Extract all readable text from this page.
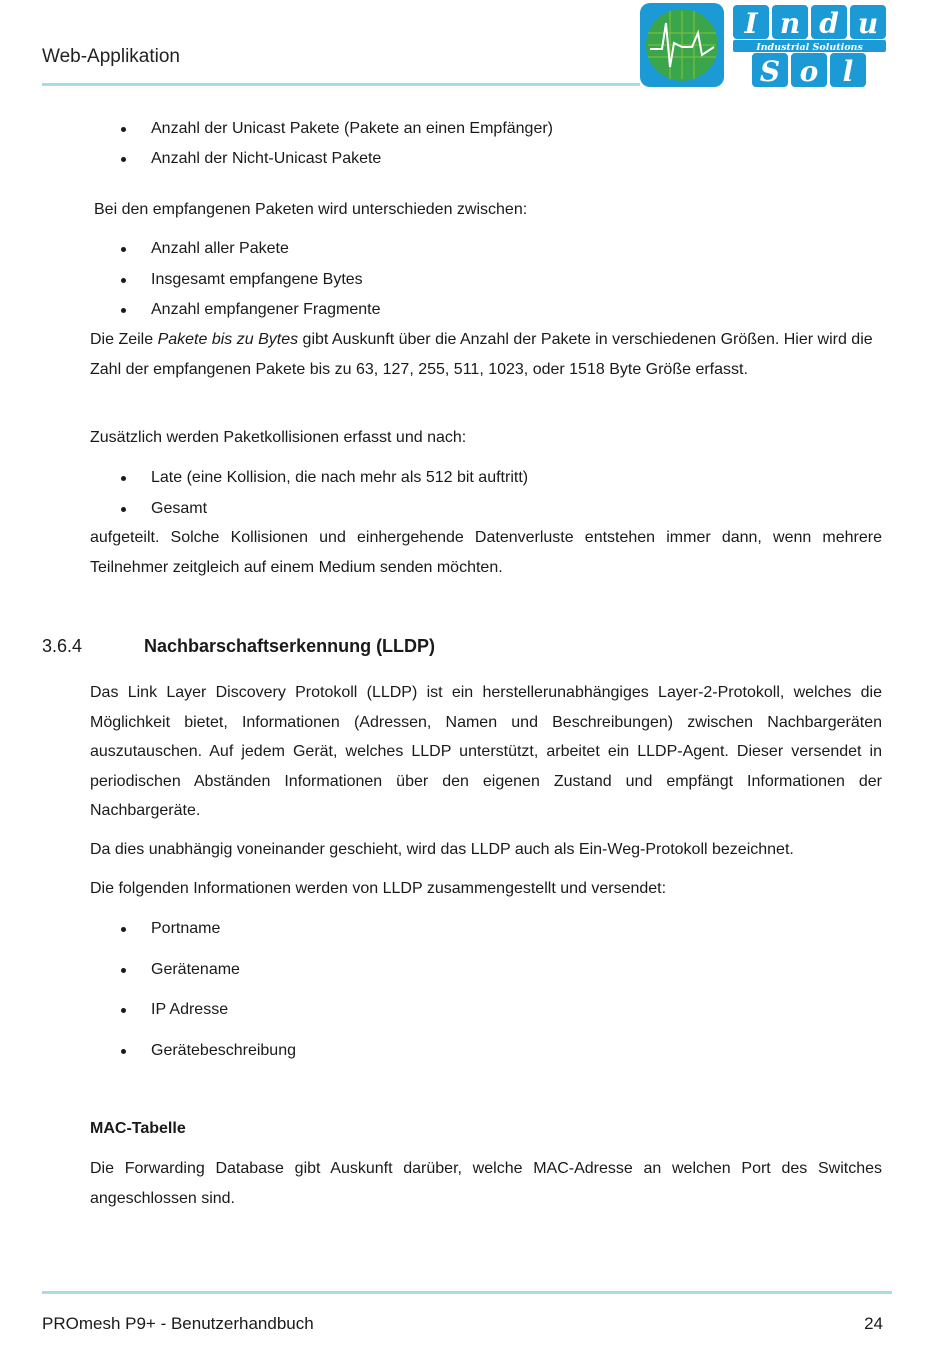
Web-Applikation
I n d u
S o l
Industrial Solutions
Anzahl der Unicast Pakete (Pakete an einen Empfänger)
Anzahl der Nicht-Unicast Pakete

Bei den empfangenen Paketen wird unterschieden zwischen:

Anzahl aller Pakete
Insgesamt empfangene Bytes
Anzahl empfangener Fragmente

Die Zeile Pakete bis zu Bytes gibt Auskunft über die Anzahl der Pakete in verschiedenen Größen. Hier wird die Zahl der empfangenen Pakete bis zu 63, 127, 255, 511, 1023, oder 1518 Byte Größe erfasst.

Zusätzlich werden Paketkollisionen erfasst und nach:

Late (eine Kollision, die nach mehr als 512 bit auftritt)
Gesamt

aufgeteilt. Solche Kollisionen und einhergehende Datenverluste entstehen immer dann, wenn mehrere Teilnehmer zeitgleich auf einem Medium senden möchten.

3.6.4	Nachbarschaftserkennung (LLDP)

Das Link Layer Discovery Protokoll (LLDP) ist ein herstellerunabhängiges Layer-2-Protokoll, welches die Möglichkeit bietet, Informationen (Adressen, Namen und Beschreibungen) zwischen Nachbargeräten auszutauschen. Auf jedem Gerät, welches LLDP unterstützt, arbeitet ein LLDP-Agent. Dieser versendet in periodischen Abständen Informationen über den eigenen Zustand und empfängt Informationen der Nachbargeräte.

Da dies unabhängig voneinander geschieht, wird das LLDP auch als Ein-Weg-Protokoll bezeichnet.

Die folgenden Informationen werden von LLDP zusammengestellt und versendet:

Portname
Gerätename
IP Adresse
Gerätebeschreibung
MAC-Tabelle

Die Forwarding Database gibt Auskunft darüber, welche MAC-Adresse an welchen Port des Switches angeschlossen sind.

PROmesh P9+ - Benutzerhandbuch	24
